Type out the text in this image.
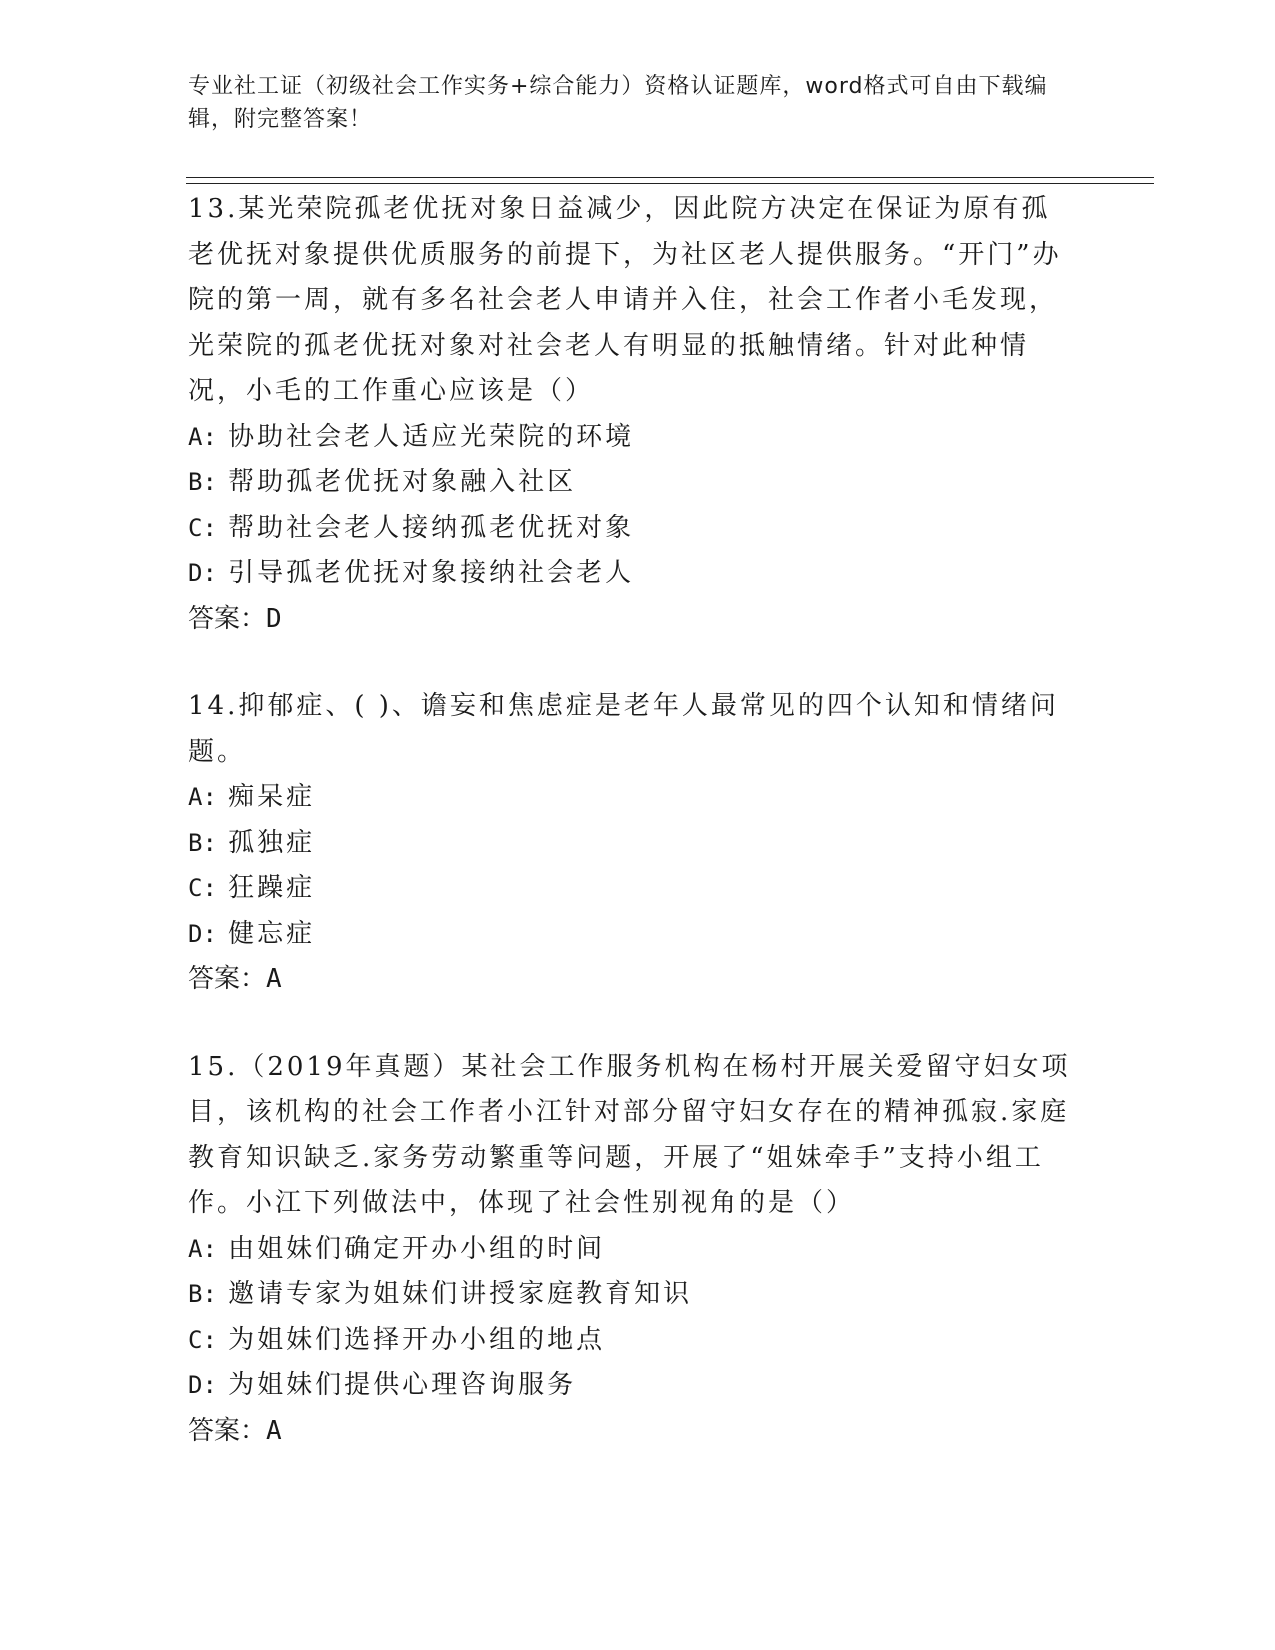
专业社工证（初级社会工作实务+综合能力）资格认证题库，word格式可自由下载编辑，附完整答案！
13.某光荣院孤老优抚对象日益减少，因此院方决定在保证为原有孤老优抚对象提供优质服务的前提下，为社区老人提供服务。“开门”办院的第一周，就有多名社会老人申请并入住，社会工作者小毛发现，光荣院的孤老优抚对象对社会老人有明显的抵触情绪。针对此种情况，小毛的工作重心应该是（）
A: 协助社会老人适应光荣院的环境
B: 帮助孤老优抚对象融入社区
C: 帮助社会老人接纳孤老优抚对象
D: 引导孤老优抚对象接纳社会老人
答案：D
14.抑郁症、( )、谵妄和焦虑症是老年人最常见的四个认知和情绪问题。
A: 痴呆症
B: 孤独症
C: 狂躁症
D: 健忘症
答案：A
15.（2019年真题）某社会工作服务机构在杨村开展关爱留守妇女项目，该机构的社会工作者小江针对部分留守妇女存在的精神孤寂.家庭教育知识缺乏.家务劳动繁重等问题，开展了“姐妹牵手”支持小组工作。小江下列做法中，体现了社会性别视角的是（）
A: 由姐妹们确定开办小组的时间
B: 邀请专家为姐妹们讲授家庭教育知识
C: 为姐妹们选择开办小组的地点
D: 为姐妹们提供心理咨询服务
答案：A
